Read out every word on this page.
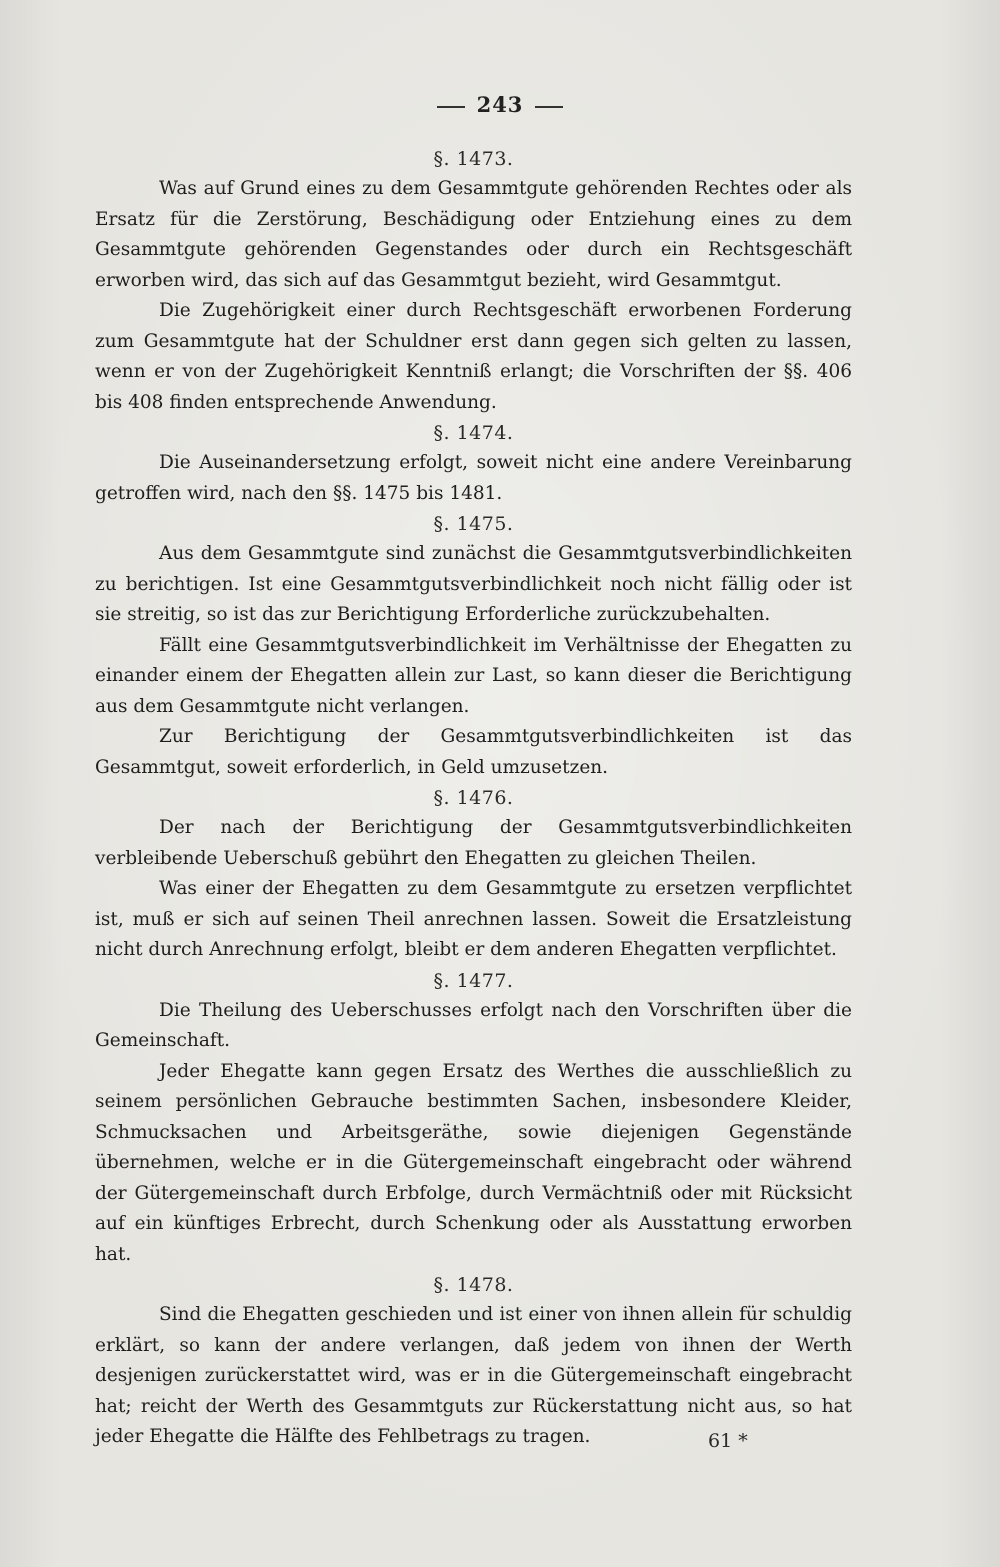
243

§. 1473.

Was auf Grund eines zu dem Gesammtgute gehörenden Rechtes oder als Ersatz für die Zerstörung, Beschädigung oder Entziehung eines zu dem Gesammtgute gehörenden Gegenstandes oder durch ein Rechtsgeschäft erworben wird, das sich auf das Gesammtgut bezieht, wird Gesammtgut.

Die Zugehörigkeit einer durch Rechtsgeschäft erworbenen Forderung zum Gesammtgute hat der Schuldner erst dann gegen sich gelten zu lassen, wenn er von der Zugehörigkeit Kenntniß erlangt; die Vorschriften der §§. 406 bis 408 finden entsprechende Anwendung.

§. 1474.

Die Auseinandersetzung erfolgt, soweit nicht eine andere Vereinbarung getroffen wird, nach den §§. 1475 bis 1481.

§. 1475.

Aus dem Gesammtgute sind zunächst die Gesammtgutsverbindlichkeiten zu berichtigen. Ist eine Gesammtgutsverbindlichkeit noch nicht fällig oder ist sie streitig, so ist das zur Berichtigung Erforderliche zurückzubehalten.

Fällt eine Gesammtgutsverbindlichkeit im Verhältnisse der Ehegatten zu einander einem der Ehegatten allein zur Last, so kann dieser die Berichtigung aus dem Gesammtgute nicht verlangen.

Zur Berichtigung der Gesammtgutsverbindlichkeiten ist das Gesammtgut, soweit erforderlich, in Geld umzusetzen.

§. 1476.

Der nach der Berichtigung der Gesammtgutsverbindlichkeiten verbleibende Ueberschuß gebührt den Ehegatten zu gleichen Theilen.

Was einer der Ehegatten zu dem Gesammtgute zu ersetzen verpflichtet ist, muß er sich auf seinen Theil anrechnen lassen. Soweit die Ersatzleistung nicht durch Anrechnung erfolgt, bleibt er dem anderen Ehegatten verpflichtet.

§. 1477.

Die Theilung des Ueberschusses erfolgt nach den Vorschriften über die Gemeinschaft.

Jeder Ehegatte kann gegen Ersatz des Werthes die ausschließlich zu seinem persönlichen Gebrauche bestimmten Sachen, insbesondere Kleider, Schmucksachen und Arbeitsgeräthe, sowie diejenigen Gegenstände übernehmen, welche er in die Gütergemeinschaft eingebracht oder während der Gütergemeinschaft durch Erbfolge, durch Vermächtniß oder mit Rücksicht auf ein künftiges Erbrecht, durch Schenkung oder als Ausstattung erworben hat.

§. 1478.

Sind die Ehegatten geschieden und ist einer von ihnen allein für schuldig erklärt, so kann der andere verlangen, daß jedem von ihnen der Werth desjenigen zurückerstattet wird, was er in die Gütergemeinschaft eingebracht hat; reicht der Werth des Gesammtguts zur Rückerstattung nicht aus, so hat jeder Ehegatte die Hälfte des Fehlbetrags zu tragen.	61 *
